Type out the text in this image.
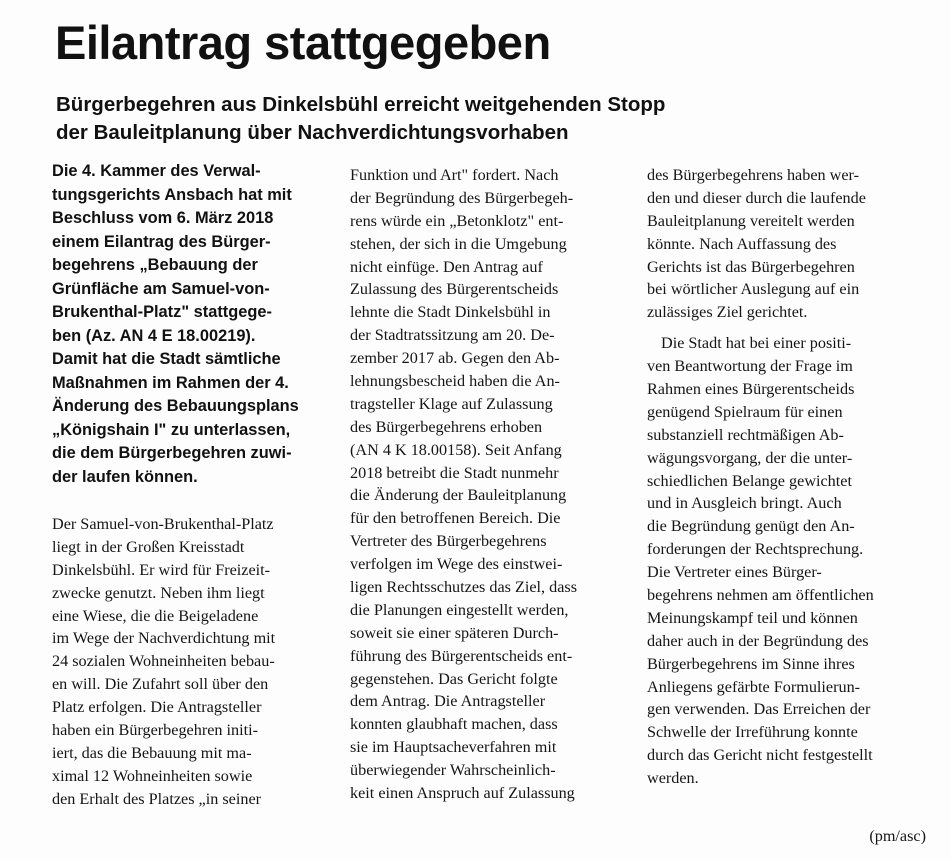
Eilantrag stattgegeben
Bürgerbegehren aus Dinkelsbühl erreicht weitgehenden Stopp
der Bauleitplanung über Nachverdichtungsvorhaben

Die 4. Kammer des Verwal-
tungsgerichts Ansbach hat mit
Beschluss vom 6. März 2018
einem Eilantrag des Bürger-
begehrens „Bebauung der
Grünfläche am Samuel-von-
Brukenthal-Platz" stattgege-
ben (Az. AN 4 E 18.00219).
Damit hat die Stadt sämtliche
Maßnahmen im Rahmen der 4.
Änderung des Bebauungsplans
„Königshain I" zu unterlassen,
die dem Bürgerbegehren zuwi-
der laufen können.

Der Samuel-von-Brukenthal-Platz
liegt in der Großen Kreisstadt
Dinkelsbühl. Er wird für Freizeit-
zwecke genutzt. Neben ihm liegt
eine Wiese, die die Beigeladene
im Wege der Nachverdichtung mit
24 sozialen Wohneinheiten bebau-
en will. Die Zufahrt soll über den
Platz erfolgen. Die Antragsteller
haben ein Bürgerbegehren initi-
iert, das die Bebauung mit ma-
ximal 12 Wohneinheiten sowie
den Erhalt des Platzes „in seiner

Funktion und Art" fordert. Nach
der Begründung des Bürgerbegeh-
rens würde ein „Betonklotz" ent-
stehen, der sich in die Umgebung
nicht einfüge. Den Antrag auf
Zulassung des Bürgerentscheids
lehnte die Stadt Dinkelsbühl in
der Stadtratssitzung am 20. De-
zember 2017 ab. Gegen den Ab-
lehnungsbescheid haben die An-
tragsteller Klage auf Zulassung
des Bürgerbegehrens erhoben
(AN 4 K 18.00158). Seit Anfang
2018 betreibt die Stadt nunmehr
die Änderung der Bauleitplanung
für den betroffenen Bereich. Die
Vertreter des Bürgerbegehrens
verfolgen im Wege des einstwei-
ligen Rechtsschutzes das Ziel, dass
die Planungen eingestellt werden,
soweit sie einer späteren Durch-
führung des Bürgerentscheids ent-
gegenstehen. Das Gericht folgte
dem Antrag. Die Antragsteller
konnten glaubhaft machen, dass
sie im Hauptsacheverfahren mit
überwiegender Wahrscheinlich-
keit einen Anspruch auf Zulassung

des Bürgerbegehrens haben wer-
den und dieser durch die laufende
Bauleitplanung vereitelt werden
könnte. Nach Auffassung des
Gerichts ist das Bürgerbegehren
bei wörtlicher Auslegung auf ein
zulässiges Ziel gerichtet.

Die Stadt hat bei einer positi-
ven Beantwortung der Frage im
Rahmen eines Bürgerentscheids
genügend Spielraum für einen
substanziell rechtmäßigen Ab-
wägungsvorgang, der die unter-
schiedlichen Belange gewichtet
und in Ausgleich bringt. Auch
die Begründung genügt den An-
forderungen der Rechtsprechung.
Die Vertreter eines Bürger-
begehrens nehmen am öffentlichen
Meinungskampf teil und können
daher auch in der Begründung des
Bürgerbegehrens im Sinne ihres
Anliegens gefärbte Formulierun-
gen verwenden. Das Erreichen der
Schwelle der Irreführung konnte
durch das Gericht nicht festgestellt
werden.

(pm/asc)
